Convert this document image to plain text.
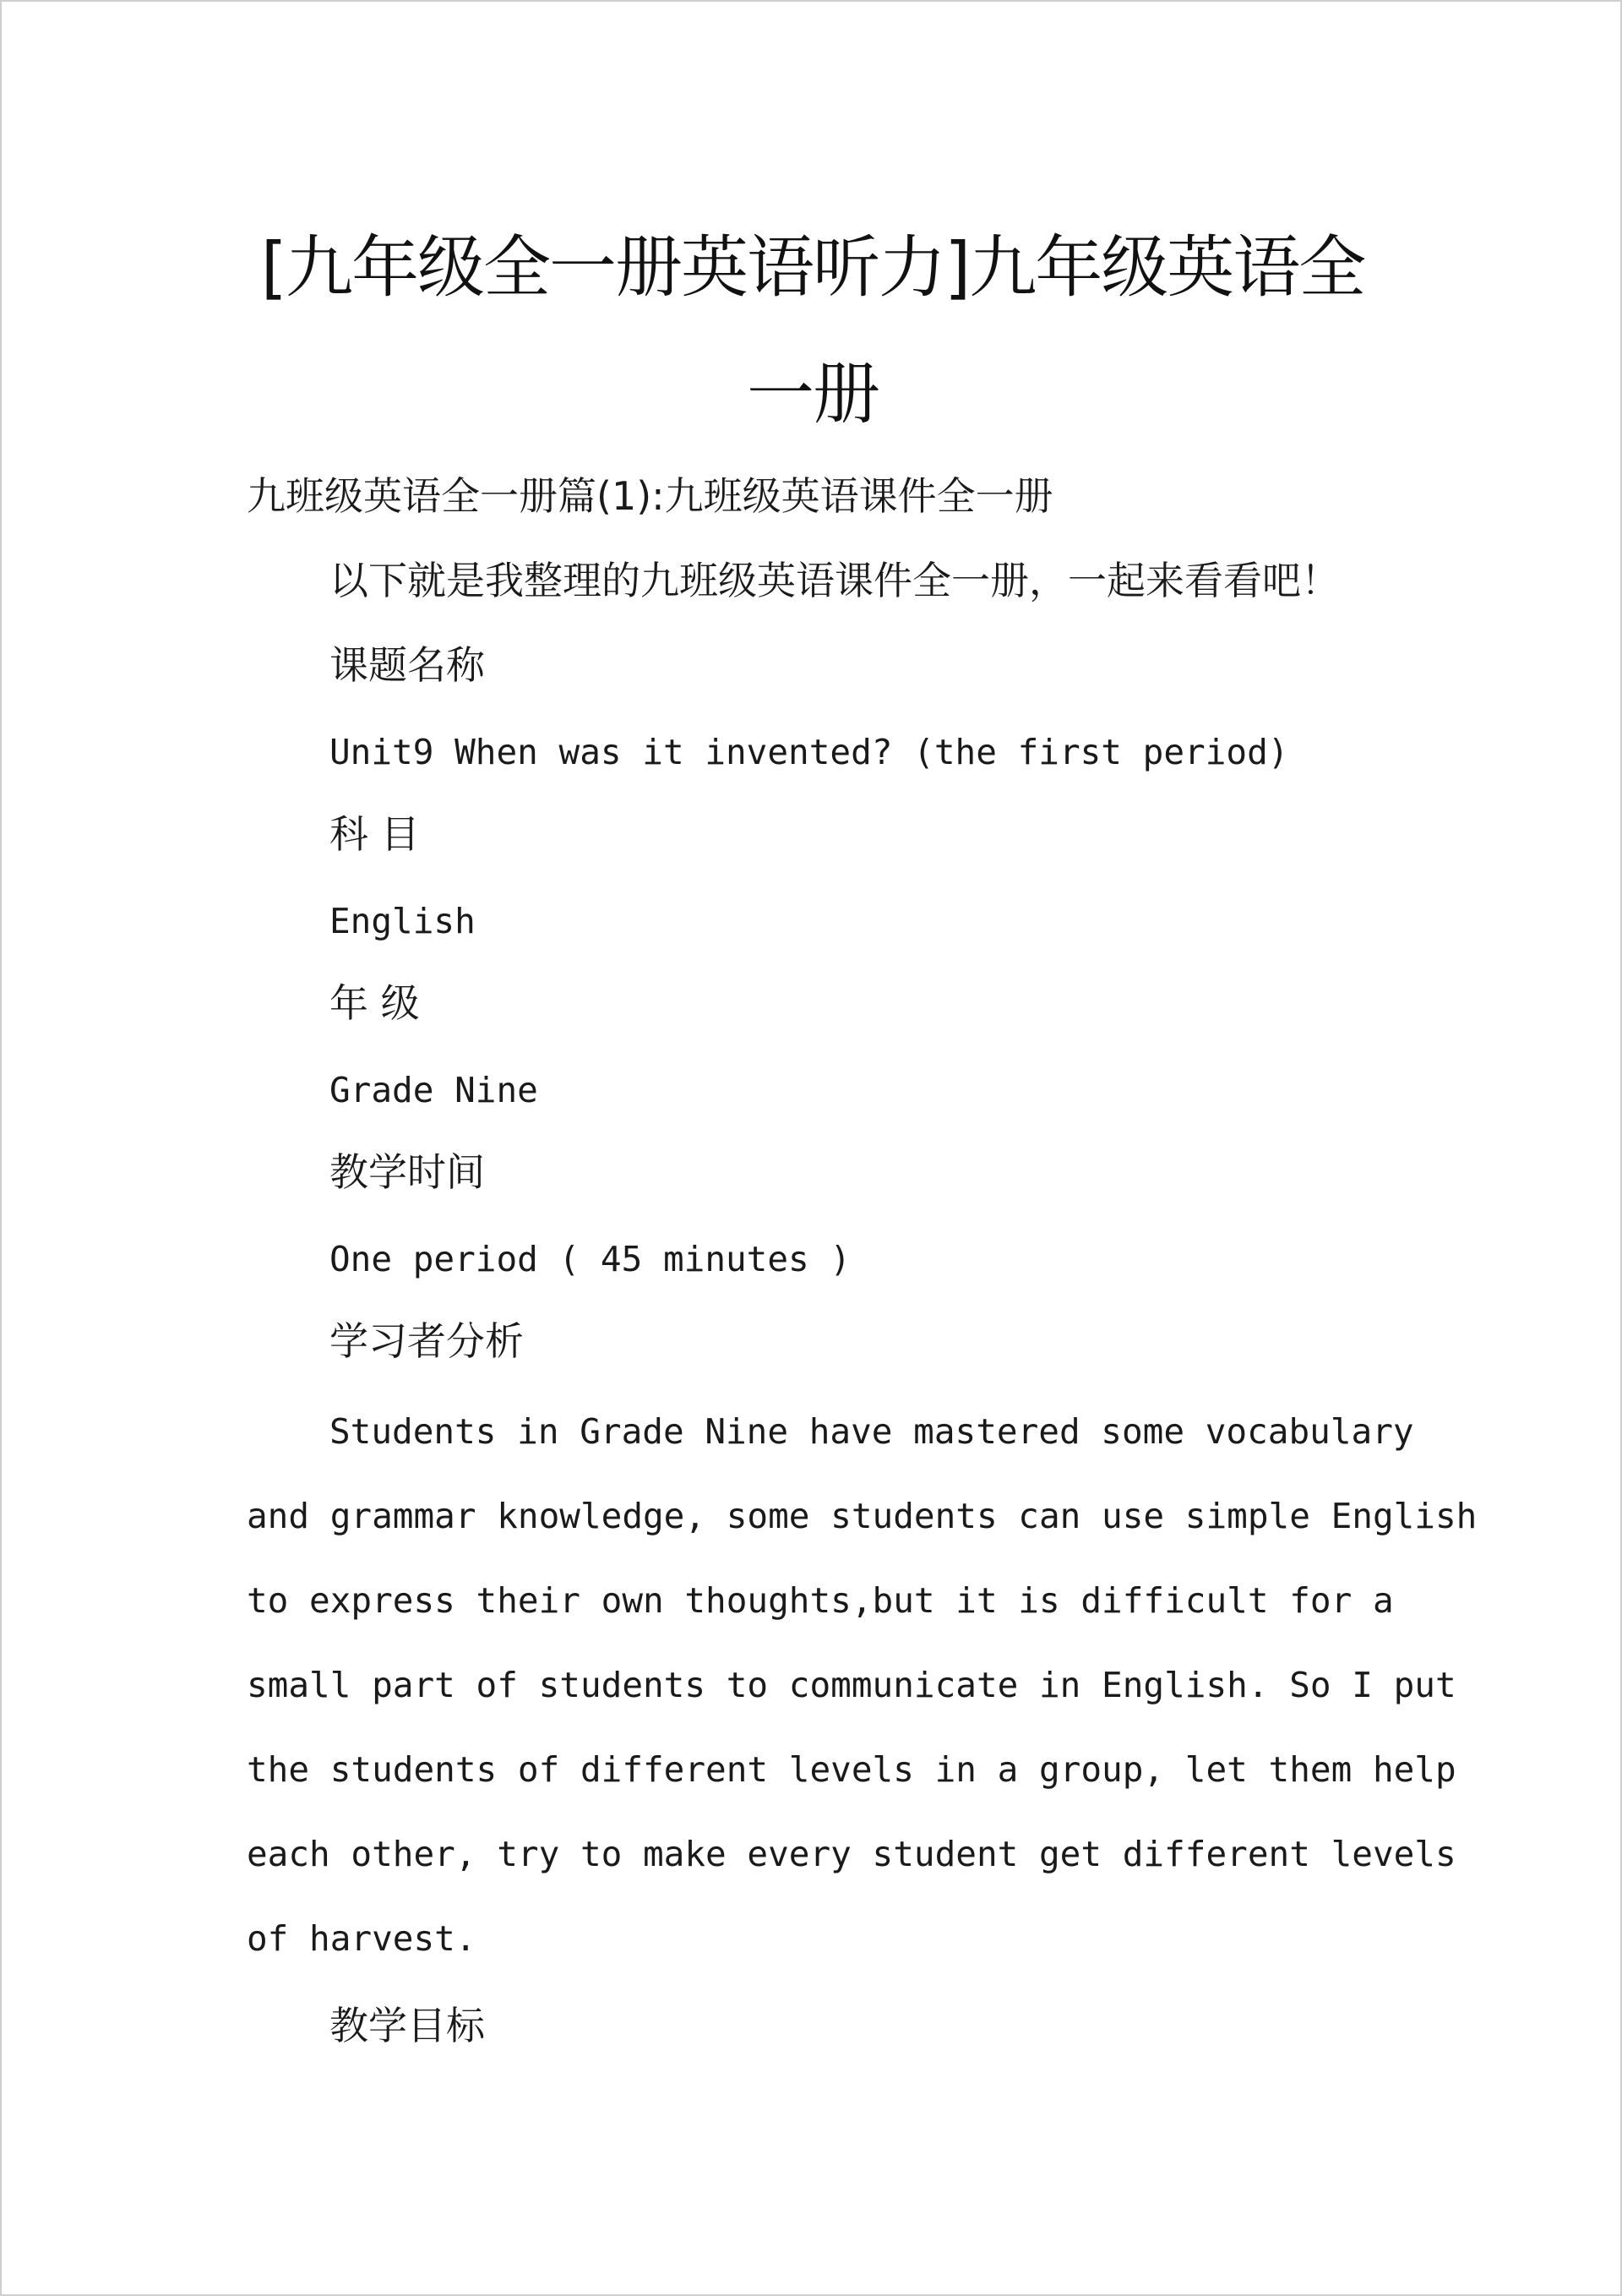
[九年级全一册英语听力]九年级英语全
一册
九班级英语全一册篇(1):九班级英语课件全一册
以下就是我整理的九班级英语课件全一册，一起来看看吧！
课题名称
Unit9 When was it invented? (the first period)
科 目
English
年 级
Grade Nine
教学时间
One period ( 45 minutes )
学习者分析
Students in Grade Nine have mastered some vocabulary
and grammar knowledge, some students can use simple English
to express their own thoughts,but it is difficult for a
small part of students to communicate in English. So I put
the students of different levels in a group, let them help
each other, try to make every student get different levels
of harvest.
教学目标
